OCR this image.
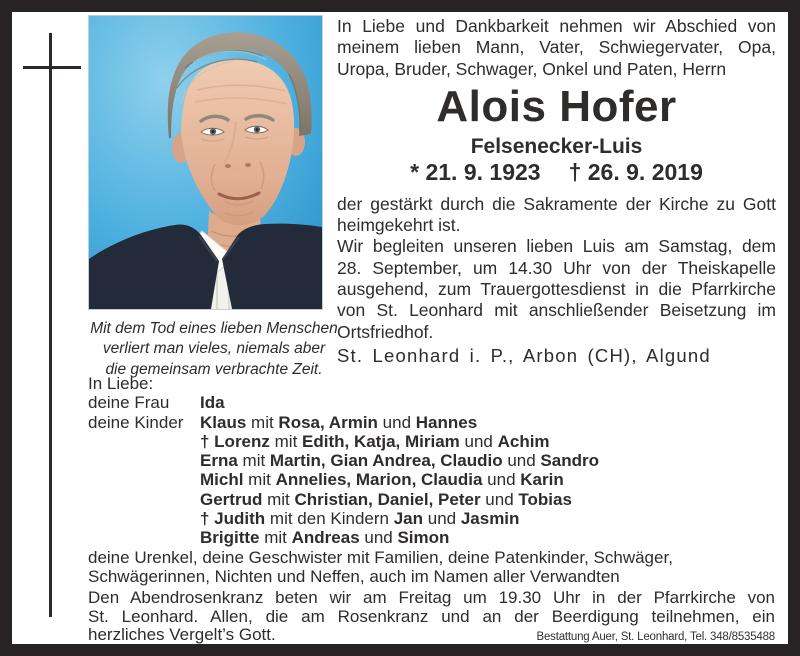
Mit dem Tod eines lieben Menschen
verliert man vieles, niemals aber
die gemeinsam verbrachte Zeit.
In Liebe und Dankbarkeit nehmen wir Abschied von
meinem lieben Mann, Vater, Schwiegervater, Opa,
Uropa, Bruder, Schwager, Onkel und Paten, Herrn
Alois Hofer
Felsenecker-Luis
* 21. 9. 1923 † 26. 9. 2019
der gestärkt durch die Sakramente der Kirche zu Gott
heimgekehrt ist.
Wir begleiten unseren lieben Luis am Samstag, dem
28. September, um 14.30 Uhr von der Theiskapelle
ausgehend, zum Trauergottesdienst in die Pfarrkirche
von St. Leonhard mit anschließender Beisetzung im
Ortsfriedhof.
St. Leonhard i. P., Arbon (CH), Algund
In Liebe:
deine Frau	Ida
deine Kinder Klaus mit Rosa, Armin und Hannes
† Lorenz mit Edith, Katja, Miriam und Achim
Erna mit Martin, Gian Andrea, Claudio und Sandro
Michl mit Annelies, Marion, Claudia und Karin
Gertrud mit Christian, Daniel, Peter und Tobias
† Judith mit den Kindern Jan und Jasmin
Brigitte mit Andreas und Simon
deine Urenkel, deine Geschwister mit Familien, deine Patenkinder, Schwäger,
Schwägerinnen, Nichten und Neffen, auch im Namen aller Verwandten
Den Abendrosenkranz beten wir am Freitag um 19.30 Uhr in der Pfarrkirche von
St. Leonhard. Allen, die am Rosenkranz und an der Beerdigung teilnehmen, ein
herzliches Vergelt’s Gott.	Bestattung Auer, St. Leonhard, Tel. 348/8535488
